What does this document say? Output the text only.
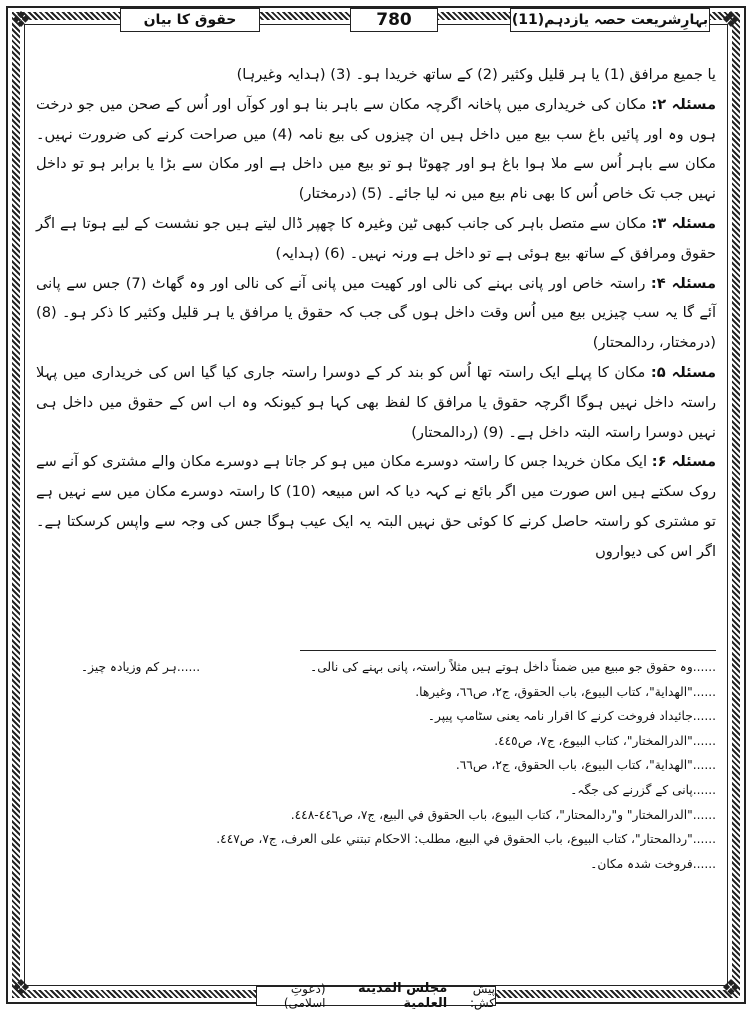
❖	❖
❖	❖
بہارِشریعت حصہ یازدہم(11)
780
حقوق کا بیان

یا جمیع مرافق (1) یا ہر قلیل وکثیر (2) کے ساتھ خریدا ہو۔ (3) (ہدایہ وغیرہا)

مسئلہ ۲: مکان کی خریداری میں پاخانہ اگرچہ مکان سے باہر بنا ہو اور کوآں اور اُس کے صحن میں جو درخت ہوں وہ اور پائیں باغ سب بیع میں داخل ہیں ان چیزوں کی بیع نامہ (4) میں صراحت کرنے کی ضرورت نہیں۔ مکان سے باہر اُس سے ملا ہوا باغ ہو اور چھوٹا ہو تو بیع میں داخل ہے اور مکان سے بڑا یا برابر ہو تو داخل نہیں جب تک خاص اُس کا بھی نام بیع میں نہ لیا جائے۔ (5) (درمختار)

مسئلہ ۳: مکان سے متصل باہر کی جانب کبھی ٹین وغیرہ کا چھپر ڈال لیتے ہیں جو نشست کے لیے ہوتا ہے اگر حقوق ومرافق کے ساتھ بیع ہوئی ہے تو داخل ہے ورنہ نہیں۔ (6) (ہدایہ)

مسئلہ ۴: راستہ خاص اور پانی بہنے کی نالی اور کھیت میں پانی آنے کی نالی اور وہ گھاٹ (7) جس سے پانی آئے گا یہ سب چیزیں بیع میں اُس وقت داخل ہوں گی جب کہ حقوق یا مرافق یا ہر قلیل وکثیر کا ذکر ہو۔ (8) (درمختار، ردالمحتار)

مسئلہ ۵: مکان کا پہلے ایک راستہ تھا اُس کو بند کر کے دوسرا راستہ جاری کیا گیا اس کی خریداری میں پہلا راستہ داخل نہیں ہوگا اگرچہ حقوق یا مرافق کا لفظ بھی کہا ہو کیونکہ وہ اب اس کے حقوق میں داخل ہی نہیں دوسرا راستہ البتہ داخل ہے۔ (9) (ردالمحتار)

مسئلہ ۶: ایک مکان خریدا جس کا راستہ دوسرے مکان میں ہو کر جاتا ہے دوسرے مکان والے مشتری کو آنے سے روک سکتے ہیں اس صورت میں اگر بائع نے کہہ دیا کہ اس مبیعہ (10) کا راستہ دوسرے مکان میں سے نہیں ہے تو مشتری کو راستہ حاصل کرنے کا کوئی حق نہیں البتہ یہ ایک عیب ہوگا جس کی وجہ سے واپس کرسکتا ہے۔ اگر اس کی دیواروں

......وہ حقوق جو مبیع میں ضمناً داخل ہوتے ہیں مثلاً راستہ، پانی بہنے کی نالی۔
......ہر کم وزیادہ چیز۔
......"الهداية"، كتاب البيوع، باب الحقوق، ج٢، ص٦٦، وغيرها.
......جائیداد فروخت کرنے کا اقرار نامہ یعنی سٹامپ پیپر۔
......"الدرالمختار"، كتاب البيوع، ج٧، ص٤٤٥.
......"الهداية"، كتاب البيوع، باب الحقوق، ج٢، ص٦٦.
......پانی کے گزرنے کی جگہ۔
......"الدرالمختار" و"ردالمحتار"، كتاب البيوع، باب الحقوق في البيع، ج٧، ص٤٤٦-٤٤٨.
......"ردالمحتار"، كتاب البيوع، باب الحقوق في البيع، مطلب: الاحكام تبتني على العرف، ج٧، ص٤٤٧.
......فروخت شدہ مکان۔
پیش کش:
مجلس المدينة العلمية
(دعوتِ اسلامی)
